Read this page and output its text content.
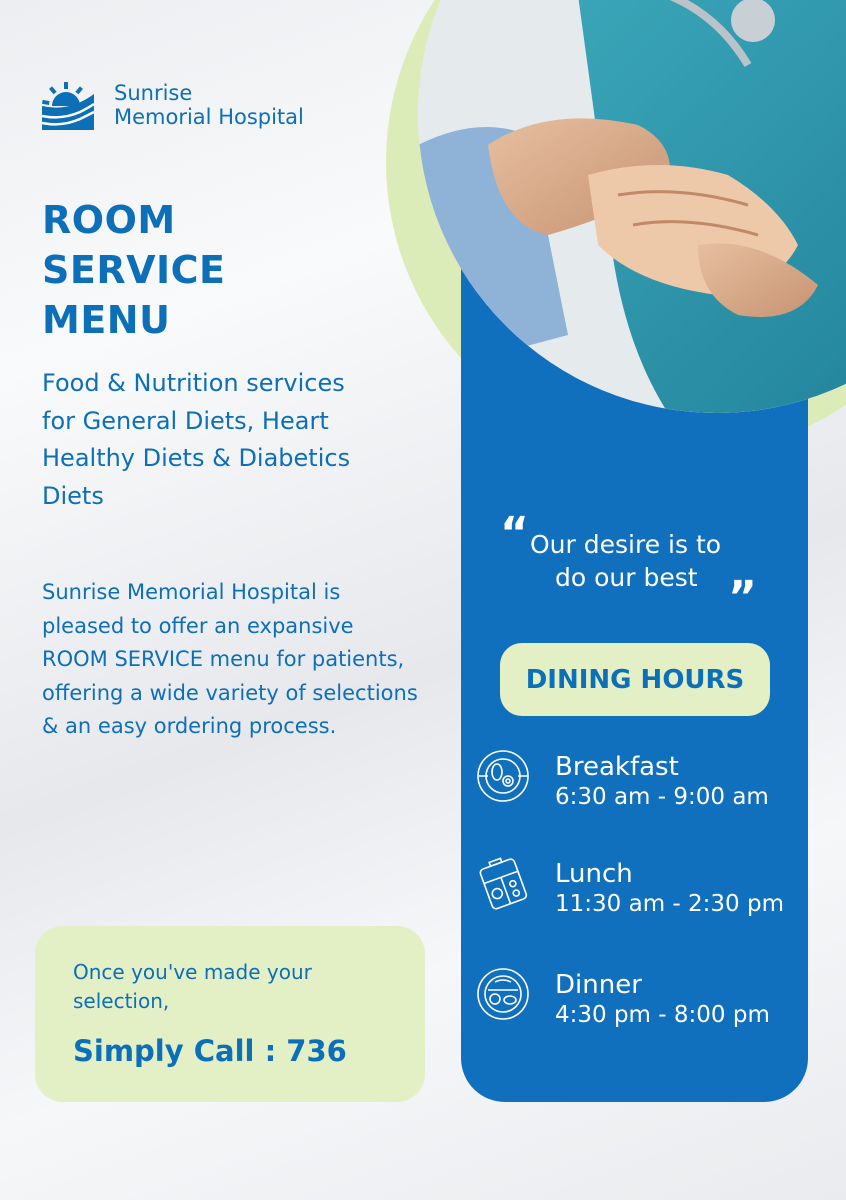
Sunrise
Memorial Hospital
ROOM
SERVICE
MENU

Food & Nutrition services for General Diets, Heart Healthy Diets & Diabetics Diets

Sunrise Memorial Hospital is pleased to offer an expansive ROOM SERVICE menu for patients, offering a wide variety of selections & an easy ordering process.

Once you've made your selection,
Simply Call : 736
“ Our desire is to
do our best ”
DINING HOURS
Breakfast
6:30 am - 9:00 am
Lunch
11:30 am - 2:30 pm
Dinner
4:30 pm - 8:00 pm
